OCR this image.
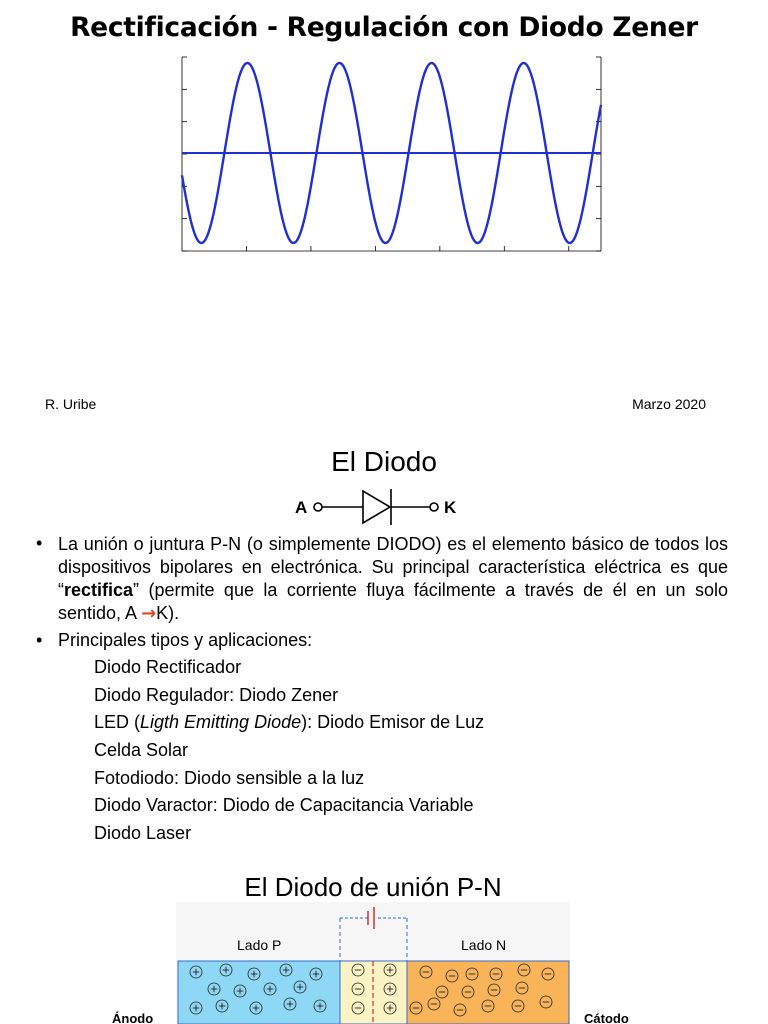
Rectificación - Regulación con Diodo Zener
R. Uribe	Marzo 2020
El Diodo
A	K
• La unión o juntura P-N (o simplemente DIODO) es el elemento básico de todos los dispositivos bipolares en electrónica. Su principal característica eléctrica es que “rectifica” (permite que la corriente fluya fácilmente a través de él en un solo sentido, A →K).
• Principales tipos y aplicaciones:
Diodo Rectificador
Diodo Regulador: Diodo Zener
LED (Ligth Emitting Diode): Diodo Emisor de Luz
Celda Solar
Fotodiodo: Diodo sensible a la luz
Diodo Varactor: Diodo de Capacitancia Variable
Diodo Laser
El Diodo de unión P-N
Lado P	Lado N
Ánodo	Cátodo
